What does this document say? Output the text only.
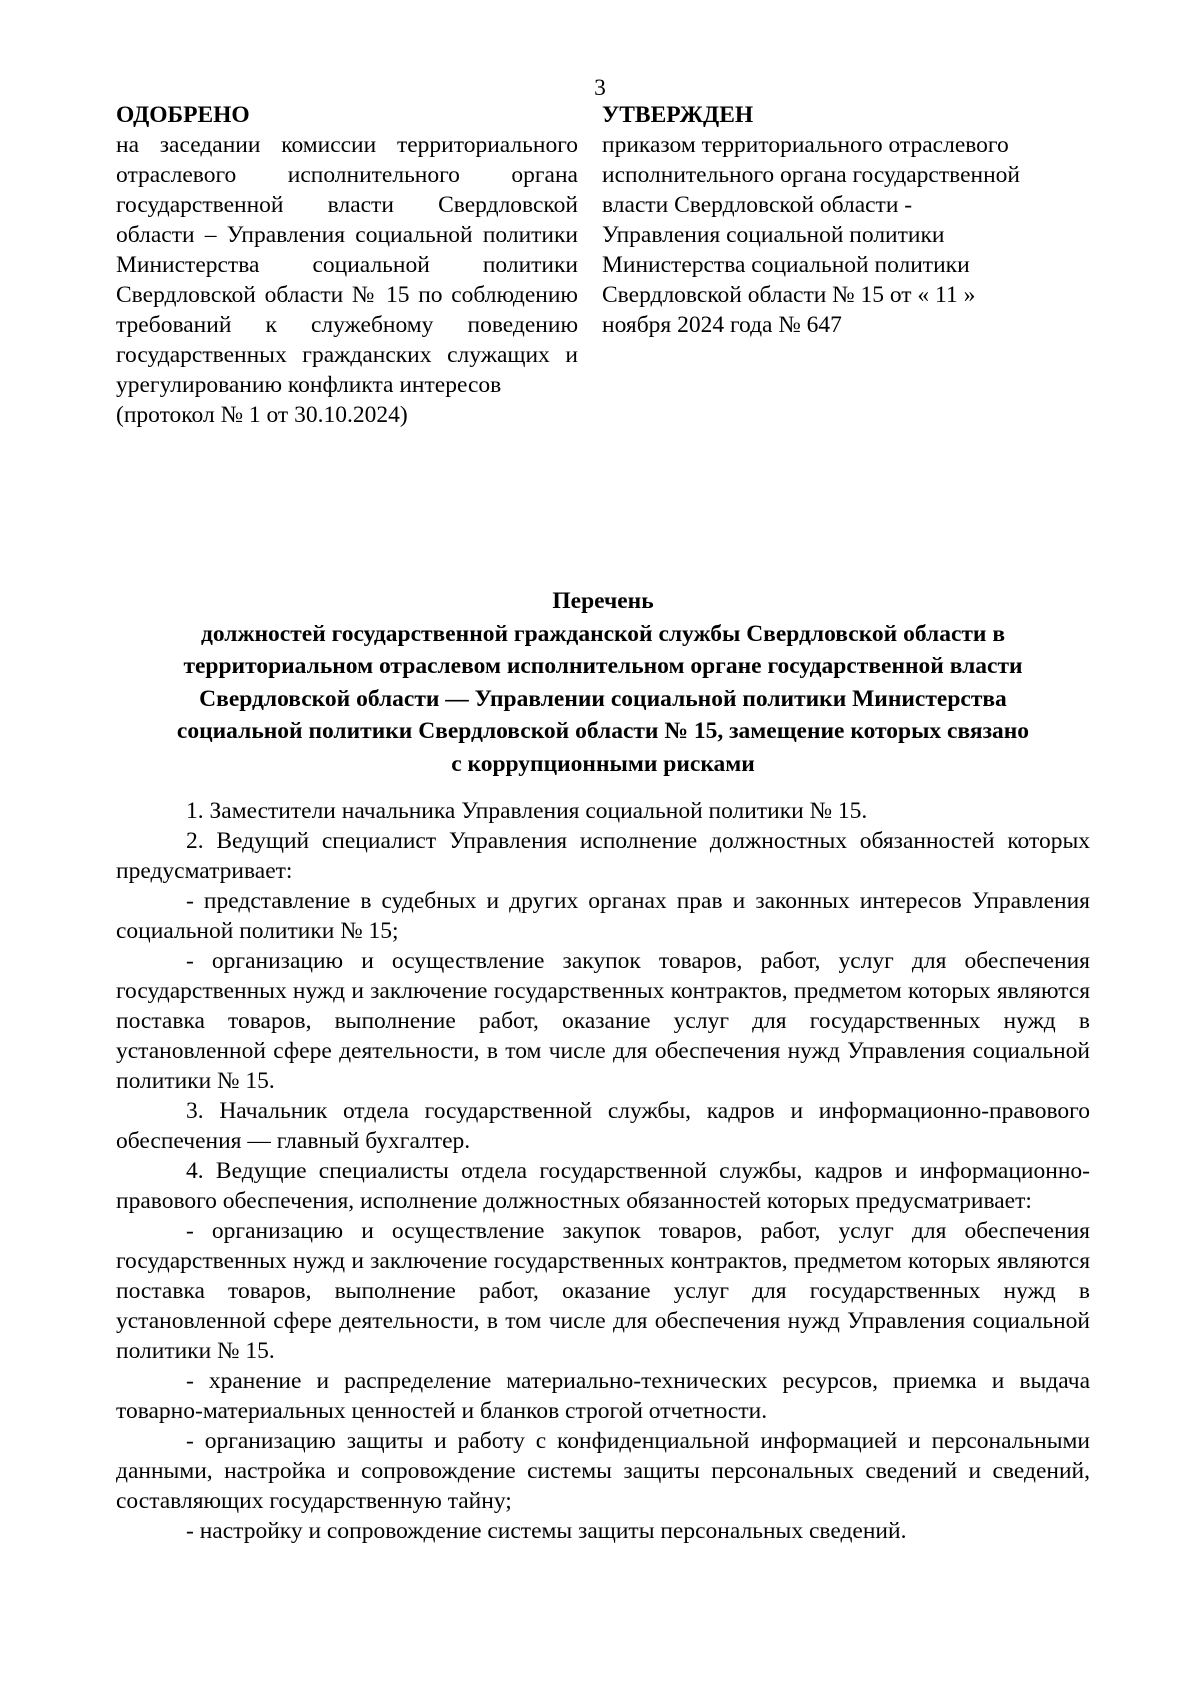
3
ОДОБРЕНО
на заседании комиссии территориального отраслевого исполнительного органа государственной власти Свердловской области – Управления социальной политики Министерства социальной политики Свердловской области № 15 по соблюдению требований к служебному поведению государственных гражданских служащих и урегулированию конфликта интересов
(протокол № 1 от 30.10.2024)
УТВЕРЖДЕН
приказом территориального отраслевого
исполнительного органа государственной
власти Свердловской области -
Управления социальной политики
Министерства социальной политики
Свердловской области № 15 от « 11 »
ноября 2024 года № 647
Перечень
должностей государственной гражданской службы Свердловской области в
территориальном отраслевом исполнительном органе государственной власти
Свердловской области — Управлении социальной политики Министерства
социальной политики Свердловской области № 15, замещение которых связано
с коррупционными рисками

1. Заместители начальника Управления социальной политики № 15.

2. Ведущий специалист Управления исполнение должностных обязанностей которых предусматривает:

- представление в судебных и других органах прав и законных интересов Управления социальной политики № 15;

- организацию и осуществление закупок товаров, работ, услуг для обеспечения государственных нужд и заключение государственных контрактов, предметом которых являются поставка товаров, выполнение работ, оказание услуг для государственных нужд в установленной сфере деятельности, в том числе для обеспечения нужд Управления социальной политики № 15.

3. Начальник отдела государственной службы, кадров и информационно-правового обеспечения — главный бухгалтер.

4. Ведущие специалисты отдела государственной службы, кадров и информационно-правового обеспечения, исполнение должностных обязанностей которых предусматривает:

- организацию и осуществление закупок товаров, работ, услуг для обеспечения государственных нужд и заключение государственных контрактов, предметом которых являются поставка товаров, выполнение работ, оказание услуг для государственных нужд в установленной сфере деятельности, в том числе для обеспечения нужд Управления социальной политики № 15.

- хранение и распределение материально-технических ресурсов, приемка и выдача товарно-материальных ценностей и бланков строгой отчетности.

- организацию защиты и работу с конфиденциальной информацией и персональными данными, настройка и сопровождение системы защиты персональных сведений и сведений, составляющих государственную тайну;

- настройку и сопровождение системы защиты персональных сведений.
